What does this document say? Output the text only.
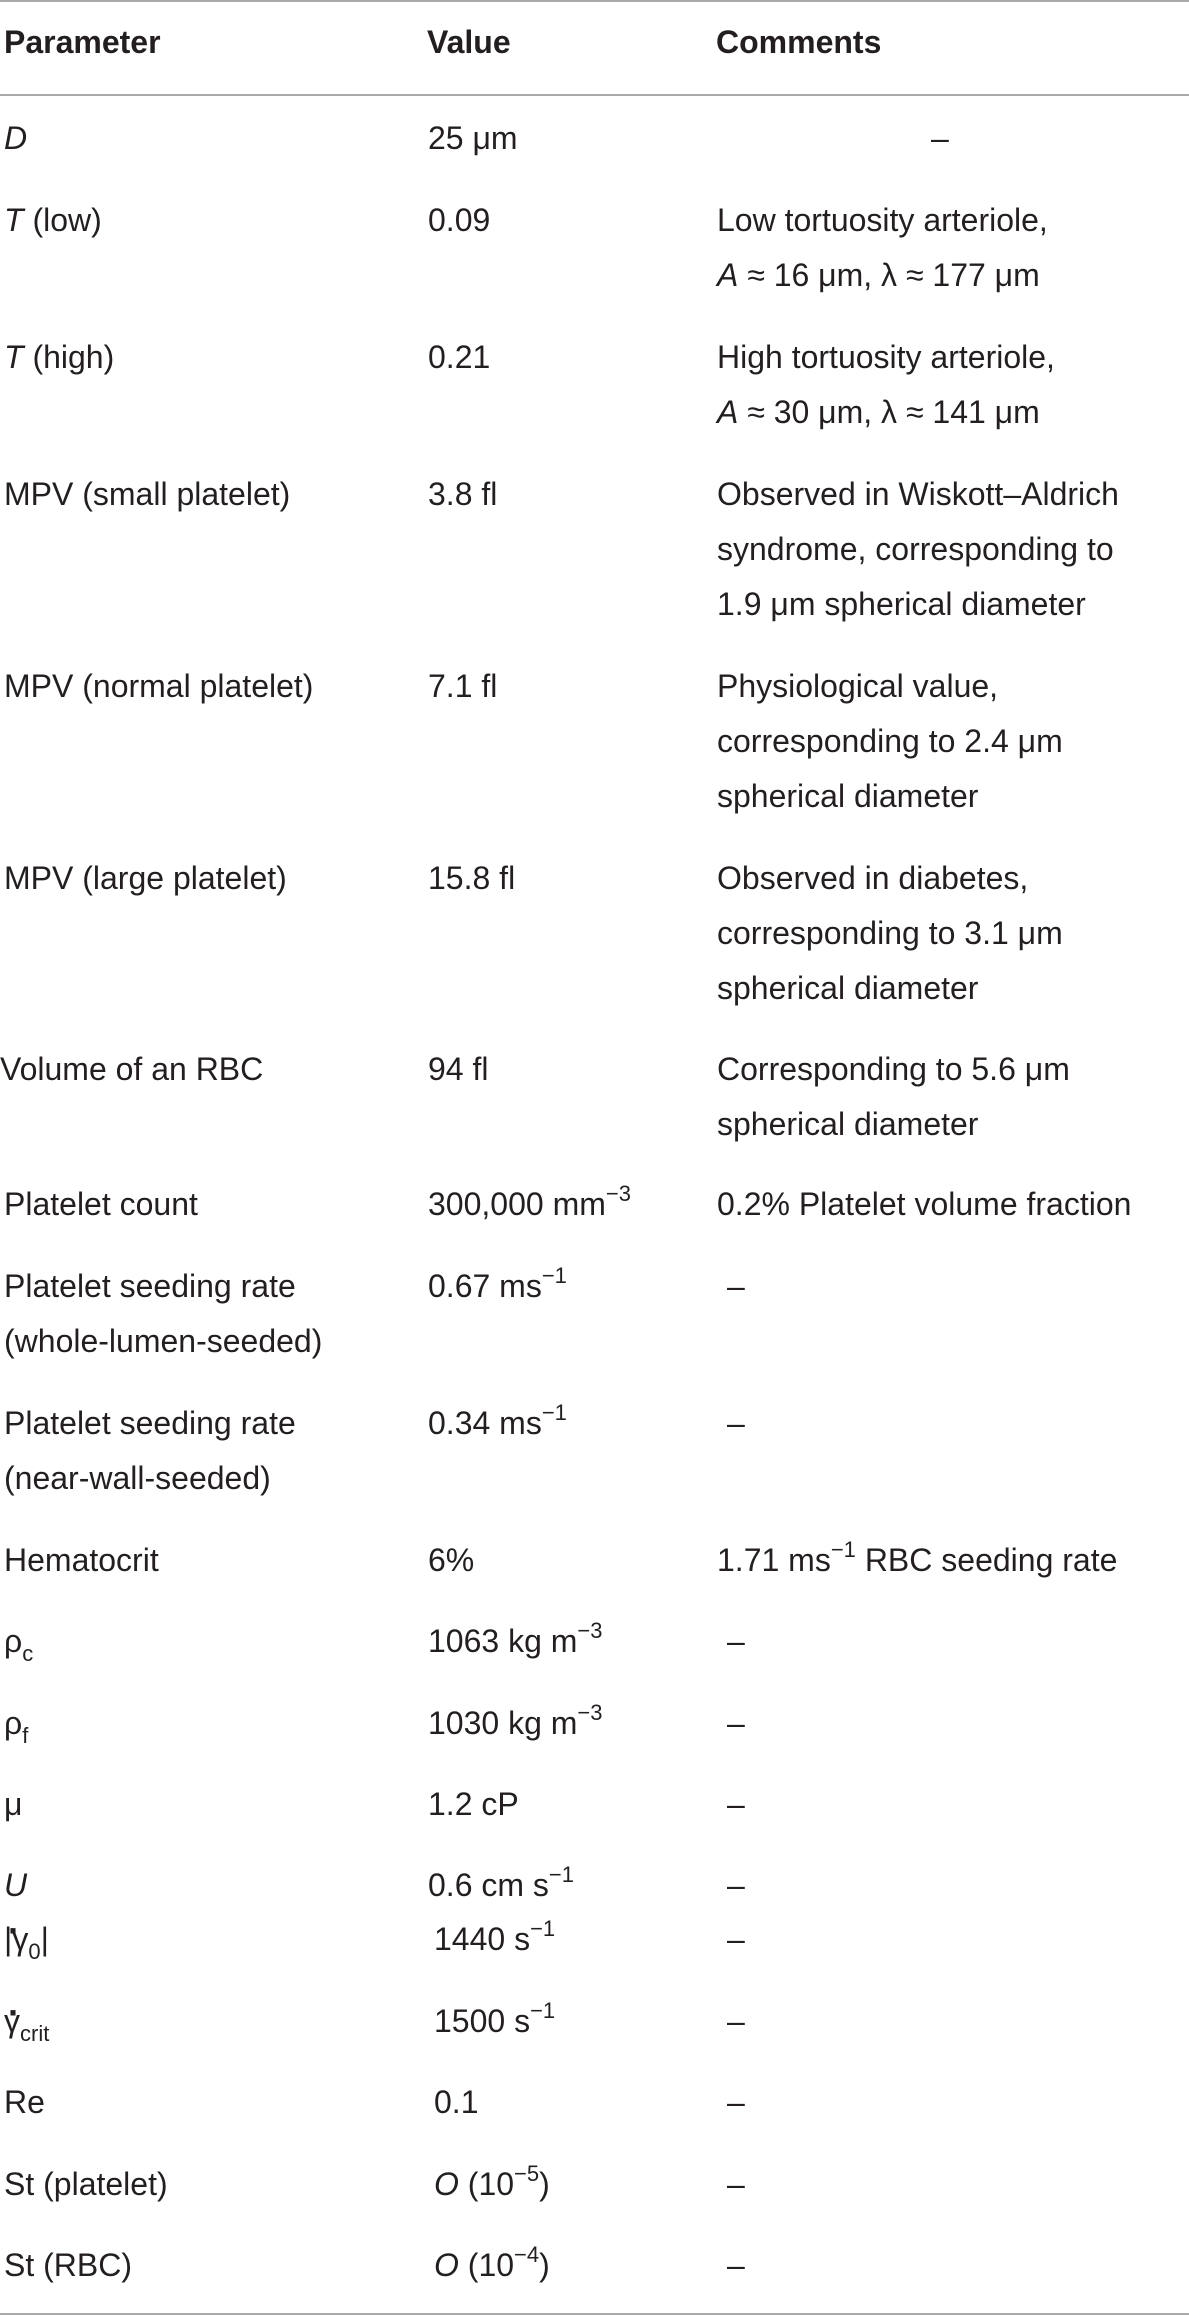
Parameter	Value	Comments
D	25 μm	–
T (low)	0.09	Low tortuosity arteriole,
A ≈ 16 μm, λ ≈ 177 μm
T (high)	0.21	High tortuosity arteriole,
A ≈ 30 μm, λ ≈ 141 μm
MPV (small platelet)	3.8 fl	Observed in Wiskott–Aldrich
syndrome, corresponding to
1.9 μm spherical diameter
MPV (normal platelet)	7.1 fl	Physiological value,
corresponding to 2.4 μm
spherical diameter
MPV (large platelet)	15.8 fl	Observed in diabetes,
corresponding to 3.1 μm
spherical diameter
Volume of an RBC	94 fl	Corresponding to 5.6 μm
spherical diameter
Platelet count	300,000 $mm^{-3}$	0.2% Platelet volume fraction
Platelet seeding rate
(whole-lumen-seeded)
0.67 $ms^{-1}$	–
Platelet seeding rate
(near-wall-seeded)
0.34 $ms^{-1}$	–
Hematocrit	6%	1.71 $ms^{-1}$ RBC seeding rate
$\rho_c$	1063 kg $m^{-3}$	–
$\rho_f$	1030 kg $m^{-3}$	–
μ	1.2 cP	–
U	0.6 cm $s^{-1}$	–
· $|\gamma_0|$	1440 $s^{-1}$	–
· $\gamma_{crit}$	1500 $s^{-1}$	–
Re	0.1	–
St (platelet)	O $(10^{-5})$	–
St (RBC)	O $(10^{-4})$	–
